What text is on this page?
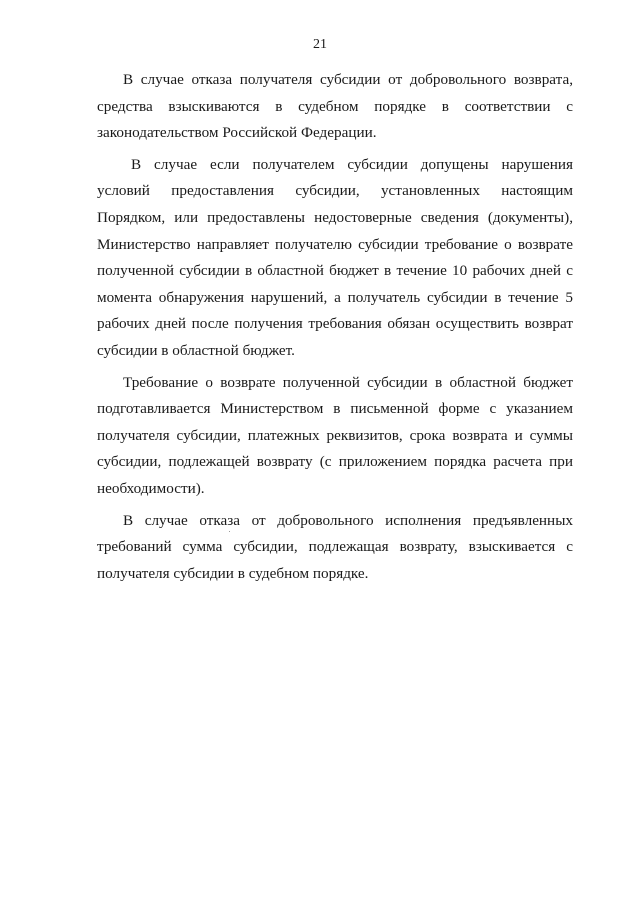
21

В случае отказа получателя субсидии от добровольного возврата, средства взыскиваются в судебном порядке в соответствии с законодательством Российской Федерации.

В случае если получателем субсидии допущены нарушения условий предоставления субсидии, установленных настоящим Порядком, или предоставлены недостоверные сведения (документы), Министерство направляет получателю субсидии требование о возврате полученной субсидии в областной бюджет в течение 10 рабочих дней с момента обнаружения нарушений, а получатель субсидии в течение 5 рабочих дней после получения требования обязан осуществить возврат субсидии в областной бюджет.

Требование о возврате полученной субсидии в областной бюджет подготавливается Министерством в письменной форме с указанием получателя субсидии, платежных реквизитов, срока возврата и суммы субсидии, подлежащей возврату (с приложением порядка расчета при необходимости).

В случае отказа от добровольного исполнения предъявленных требований сумма субсидии, подлежащая возврату, взыскивается с получателя субсидии в судебном порядке.
